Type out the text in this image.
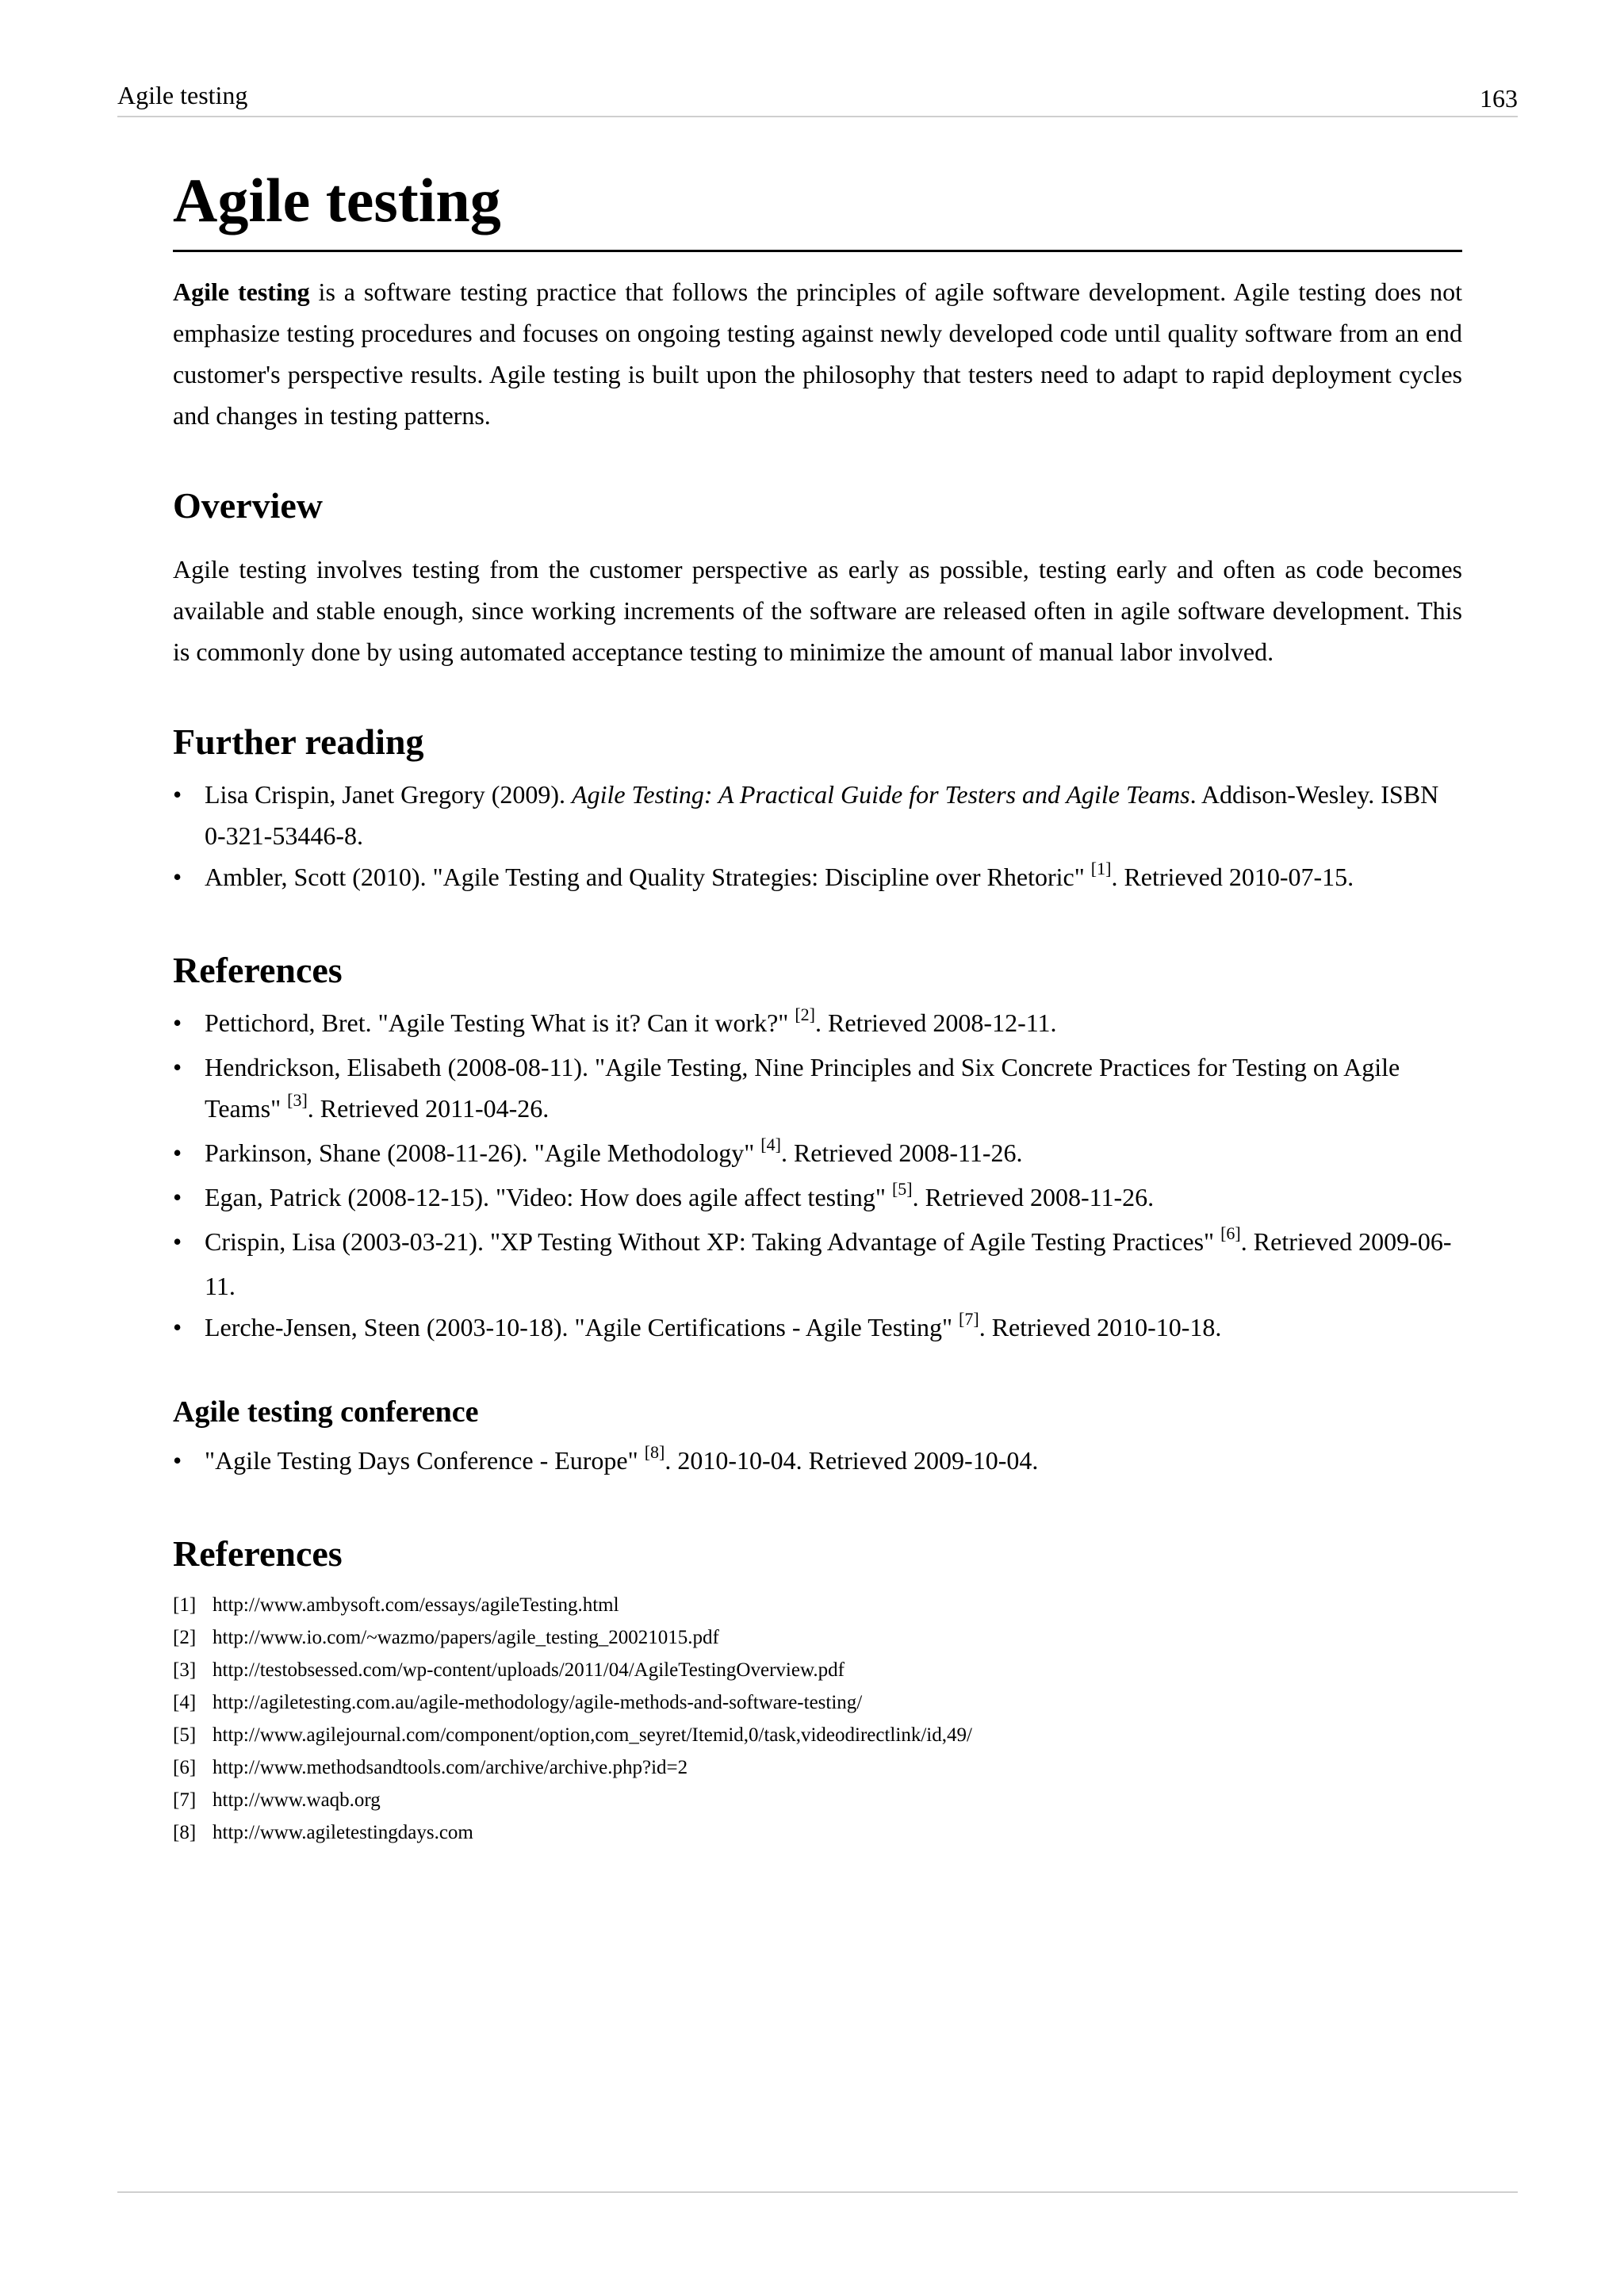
Agile testing	163
Agile testing

Agile testing is a software testing practice that follows the principles of agile software development. Agile testing does not emphasize testing procedures and focuses on ongoing testing against newly developed code until quality software from an end customer's perspective results. Agile testing is built upon the philosophy that testers need to adapt to rapid deployment cycles and changes in testing patterns.

Overview

Agile testing involves testing from the customer perspective as early as possible, testing early and often as code becomes available and stable enough, since working increments of the software are released often in agile software development. This is commonly done by using automated acceptance testing to minimize the amount of manual labor involved.

Further reading
• Lisa Crispin, Janet Gregory (2009). Agile Testing: A Practical Guide for Testers and Agile Teams. Addison-Wesley. ISBN 0-321-53446-8.
• Ambler, Scott (2010). "Agile Testing and Quality Strategies: Discipline over Rhetoric" [1]. Retrieved 2010-07-15.
References
• Pettichord, Bret. "Agile Testing What is it? Can it work?" [2]. Retrieved 2008-12-11.
• Hendrickson, Elisabeth (2008-08-11). "Agile Testing, Nine Principles and Six Concrete Practices for Testing on Agile Teams" [3]. Retrieved 2011-04-26.
• Parkinson, Shane (2008-11-26). "Agile Methodology" [4]. Retrieved 2008-11-26.
• Egan, Patrick (2008-12-15). "Video: How does agile affect testing" [5]. Retrieved 2008-11-26.
• Crispin, Lisa (2003-03-21). "XP Testing Without XP: Taking Advantage of Agile Testing Practices" [6]. Retrieved 2009-06-11.
• Lerche-Jensen, Steen (2003-10-18). "Agile Certifications - Agile Testing" [7]. Retrieved 2010-10-18.
Agile testing conference
• "Agile Testing Days Conference - Europe" [8]. 2010-10-04. Retrieved 2009-10-04.
References
[1] http://www.ambysoft.com/essays/agileTesting.html
[2] http://www.io.com/~wazmo/papers/agile_testing_20021015.pdf
[3] http://testobsessed.com/wp-content/uploads/2011/04/AgileTestingOverview.pdf
[4] http://agiletesting.com.au/agile-methodology/agile-methods-and-software-testing/
[5] http://www.agilejournal.com/component/option,com_seyret/Itemid,0/task,videodirectlink/id,49/
[6] http://www.methodsandtools.com/archive/archive.php?id=2
[7] http://www.waqb.org
[8] http://www.agiletestingdays.com
